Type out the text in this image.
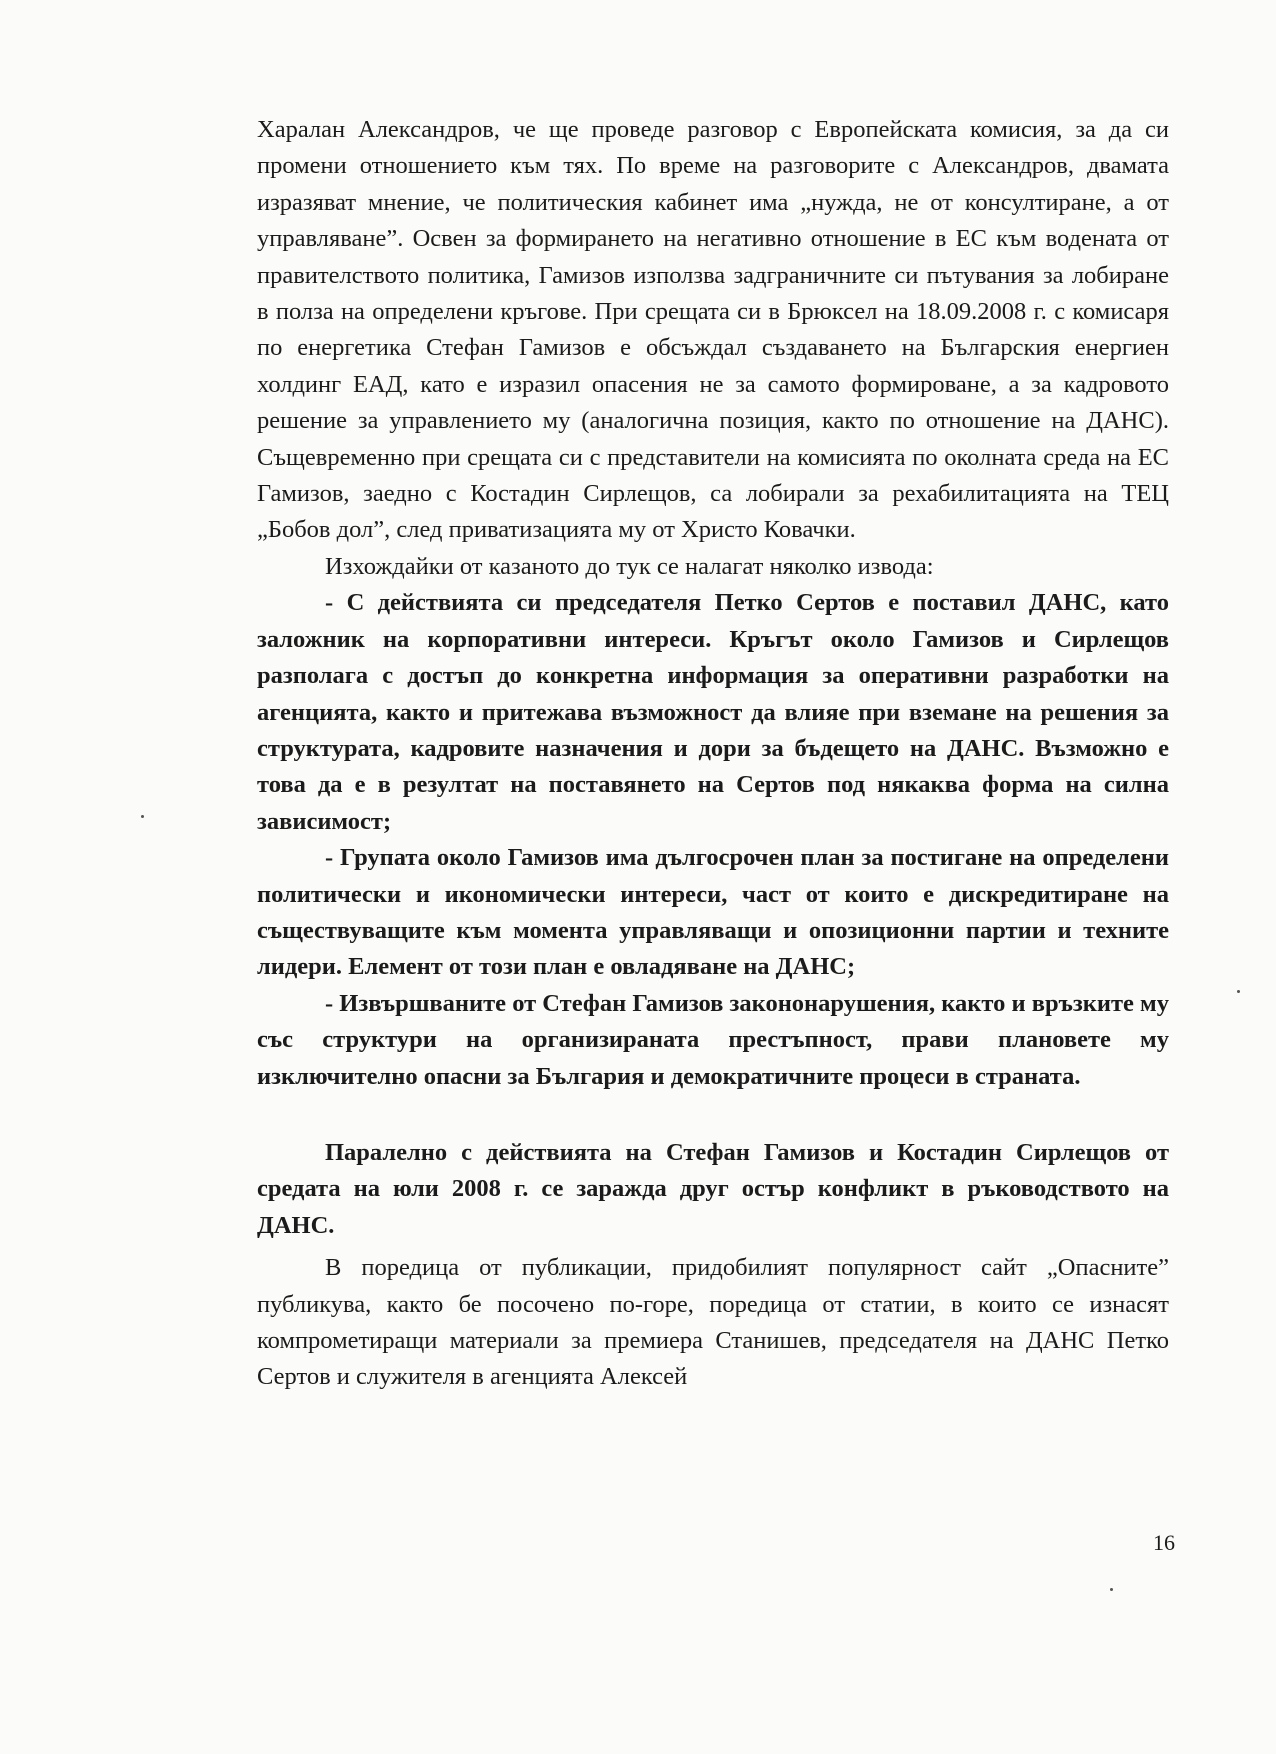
Харалан Александров, че ще проведе разговор с Европейската комисия, за да си промени отношението към тях. По време на разговорите с Александров, двамата изразяват мнение, че политическия кабинет има „нужда, не от консултиране, а от управляване”. Освен за формирането на негативно отношение в ЕС към водената от правителството политика, Гамизов използва задграничните си пътувания за лобиране в полза на определени кръгове. При срещата си в Брюксел на 18.09.2008 г. с комисаря по енергетика Стефан Гамизов е обсъждал създаването на Българския енергиен холдинг ЕАД, като е изразил опасения не за самото формироване, а за кадровото решение за управлението му (аналогична позиция, както по отношение на ДАНС). Същевременно при срещата си с представители на комисията по околната среда на ЕС Гамизов, заедно с Костадин Сирлещов, са лобирали за рехабилитацията на ТЕЦ „Бобов дол”, след приватизацията му от Христо Ковачки.

Изхождайки от казаното до тук се налагат няколко извода:

- С действията си председателя Петко Сертов е поставил ДАНС, като заложник на корпоративни интереси. Кръгът около Гамизов и Сирлещов разполага с достъп до конкретна информация за оперативни разработки на агенцията, както и притежава възможност да влияе при вземане на решения за структурата, кадровите назначения и дори за бъдещето на ДАНС. Възможно е това да е в резултат на поставянето на Сертов под някаква форма на силна зависимост;

- Групата около Гамизов има дългосрочен план за постигане на определени политически и икономически интереси, част от които е дискредитиране на съществуващите към момента управляващи и опозиционни партии и техните лидери. Елемент от този план е овладяване на ДАНС;

- Извършваните от Стефан Гамизов закононарушения, както и връзките му със структури на организираната престъпност, прави плановете му изключително опасни за България и демократичните процеси в страната.

Паралелно с действията на Стефан Гамизов и Костадин Сирлещов от средата на юли 2008 г. се заражда друг остър конфликт в ръководството на ДАНС.

В поредица от публикации, придобилият популярност сайт „Опасните” публикува, както бе посочено по-горе, поредица от статии, в които се изнасят компрометиращи материали за премиера Станишев, председателя на ДАНС Петко Сертов и служителя в агенцията Алексей

16
